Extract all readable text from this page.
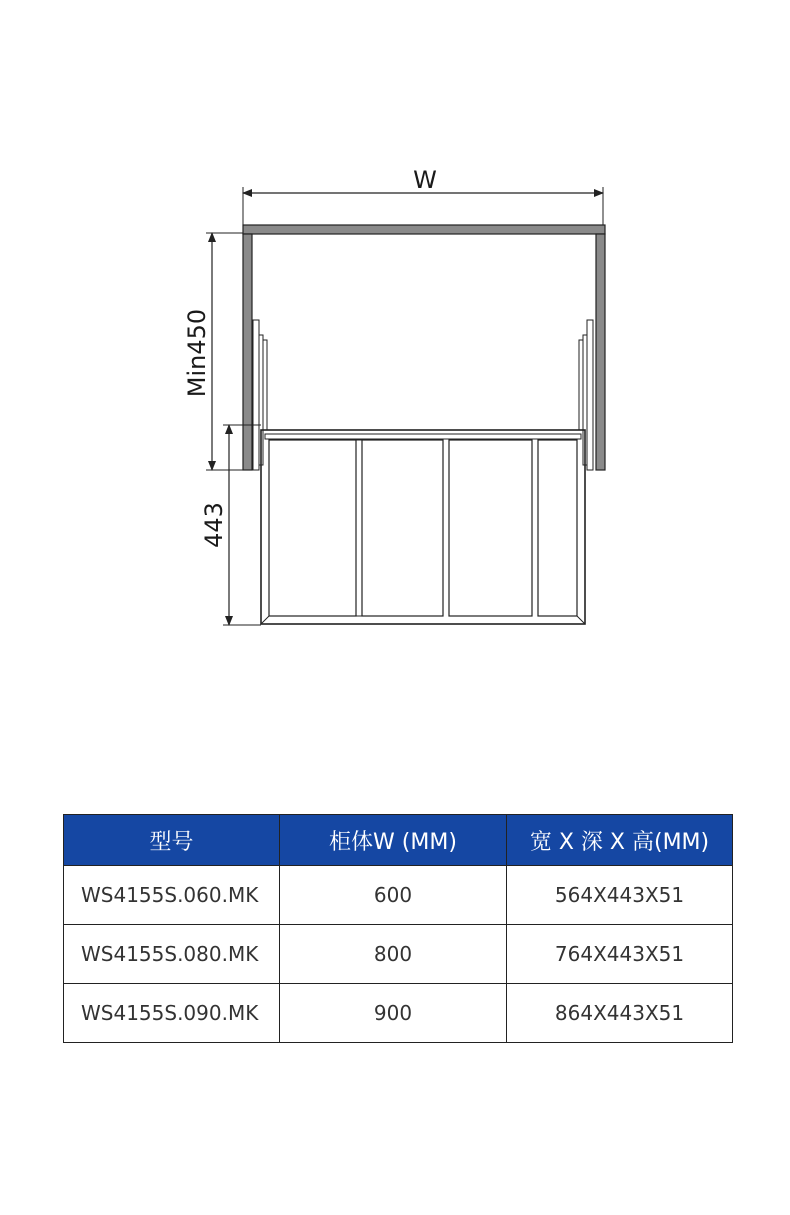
W
Min450
443
型号	柜体W (MM)	宽 X 深 X 高(MM)
WS4155S.060.MK	600	564X443X51
WS4155S.080.MK	800	764X443X51
WS4155S.090.MK	900	864X443X51
